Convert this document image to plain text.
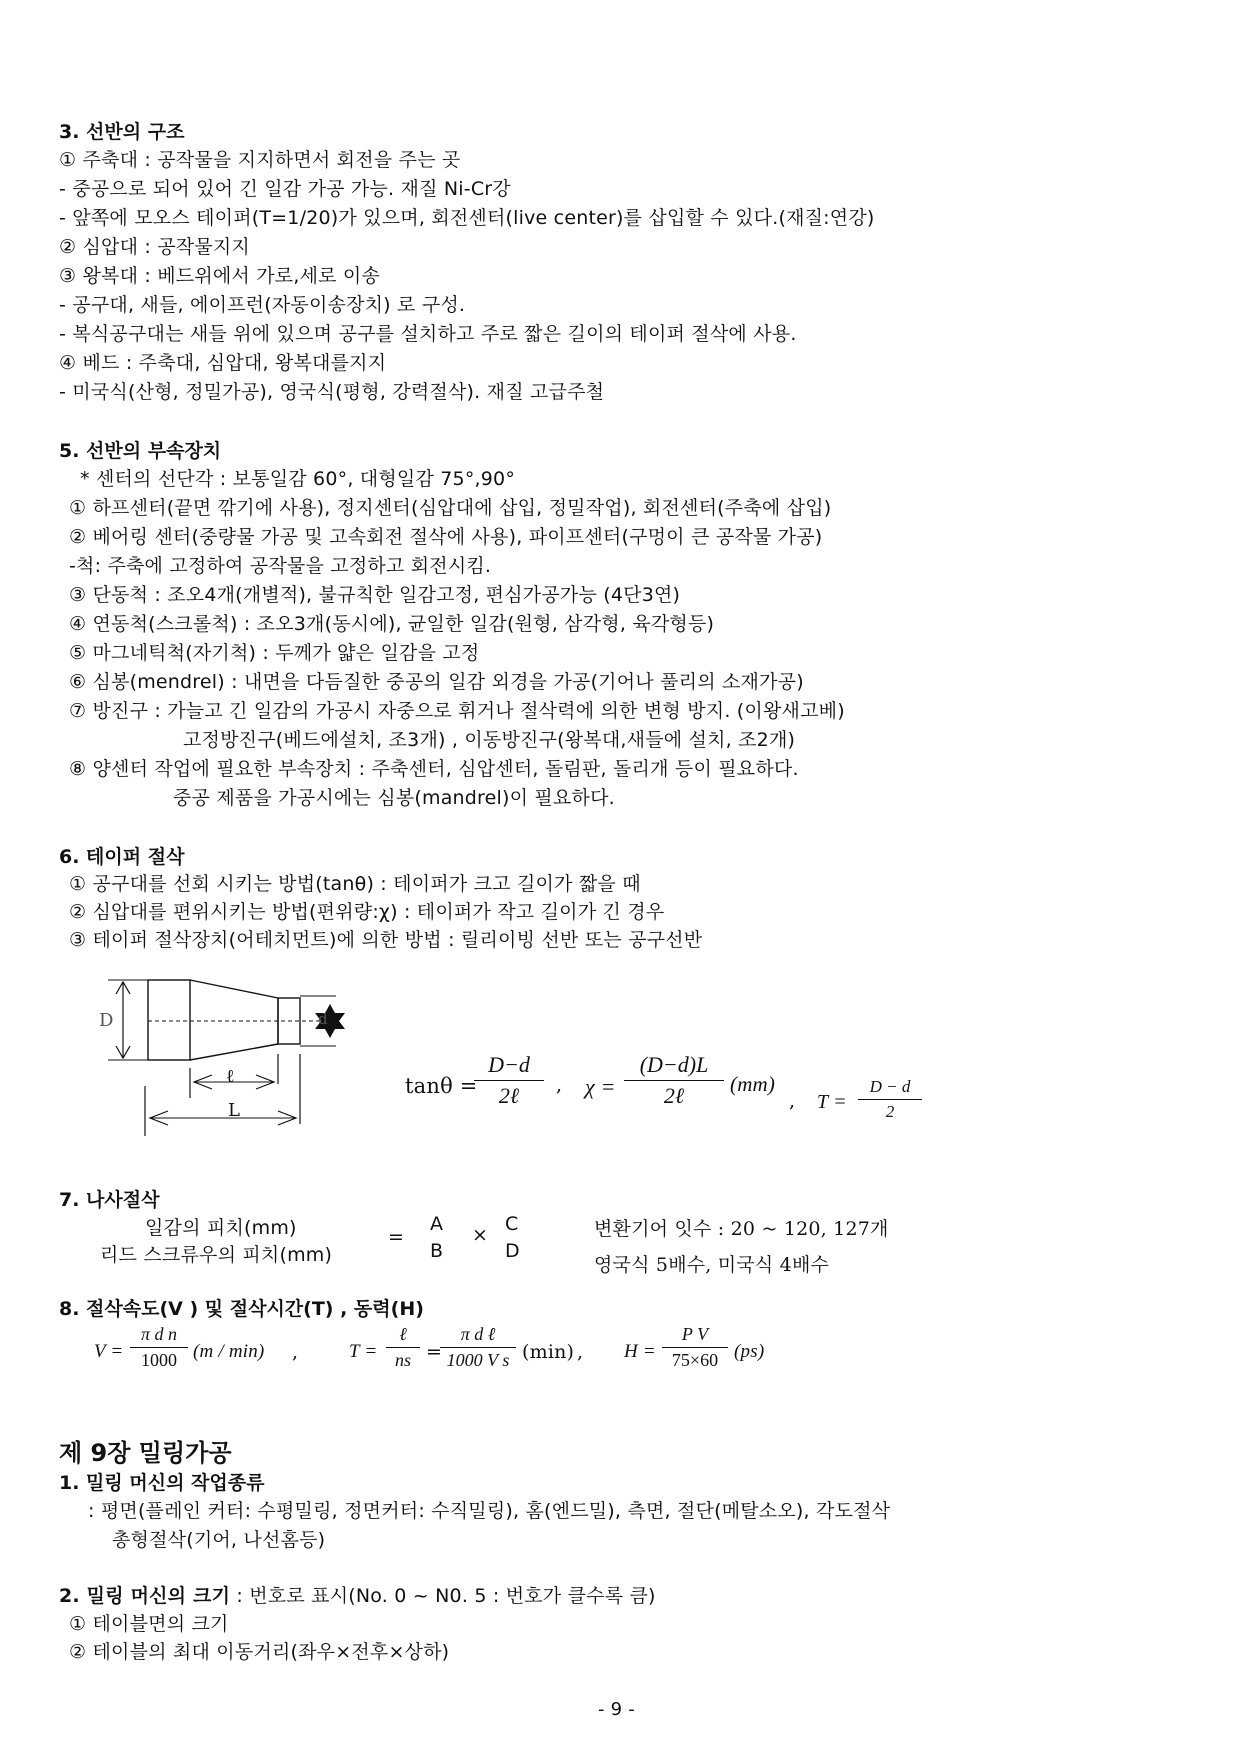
3. 선반의 구조
① 주축대 : 공작물을 지지하면서 회전을 주는 곳
- 중공으로 되어 있어 긴 일감 가공 가능. 재질 Ni-Cr강
- 앞쪽에 모오스 테이퍼(T=1/20)가 있으며, 회전센터(live center)를 삽입할 수 있다.(재질:연강)
② 심압대 : 공작물지지
③ 왕복대 : 베드위에서 가로,세로 이송
- 공구대, 새들, 에이프런(자동이송장치) 로 구성.
- 복식공구대는 새들 위에 있으며 공구를 설치하고 주로 짧은 길이의 테이퍼 절삭에 사용.
④ 베드 : 주축대, 심압대, 왕복대를지지
- 미국식(산형, 정밀가공), 영국식(평형, 강력절삭). 재질 고급주철
5. 선반의 부속장치
* 센터의 선단각 : 보통일감 60°, 대형일감 75°,90°
① 하프센터(끝면 깎기에 사용), 정지센터(심압대에 삽입, 정밀작업), 회전센터(주축에 삽입)
② 베어링 센터(중량물 가공 및 고속회전 절삭에 사용), 파이프센터(구멍이 큰 공작물 가공)
-척: 주축에 고정하여 공작물을 고정하고 회전시킴.
③ 단동척 : 조오4개(개별적), 불규칙한 일감고정, 편심가공가능 (4단3연)
④ 연동척(스크롤척) : 조오3개(동시에), 균일한 일감(원형, 삼각형, 육각형등)
⑤ 마그네틱척(자기척) : 두께가 얇은 일감을 고정
⑥ 심봉(mendrel) : 내면을 다듬질한 중공의 일감 외경을 가공(기어나 풀리의 소재가공)
⑦ 방진구 : 가늘고 긴 일감의 가공시 자중으로 휘거나 절삭력에 의한 변형 방지. (이왕새고베)
고정방진구(베드에설치, 조3개) , 이동방진구(왕복대,새들에 설치, 조2개)
⑧ 양센터 작업에 필요한 부속장치 : 주축센터, 심압센터, 돌림판, 돌리개 등이 필요하다.
중공 제품을 가공시에는 심봉(mandrel)이 필요하다.
6. 테이퍼 절삭
① 공구대를 선회 시키는 방법(tanθ) : 테이퍼가 크고 길이가 짧을 때
② 심압대를 편위시키는 방법(편위량:χ) : 테이퍼가 작고 길이가 긴 경우
③ 테이퍼 절삭장치(어테치먼트)에 의한 방법 : 릴리이빙 선반 또는 공구선반
D	d
ℓ
L
tanθ =
D−d
2ℓ	, χ =
(D−d)L
2ℓ	(mm)
, $T = \frac{D - d}{2}$
7. 나사절삭
일감의 피치(mm)
리드 스크류우의 피치(mm)
=
A
B
× C
D
변환기어 잇수 : 20 ~ 120, 127개
영국식 5배수, 미국식 4배수
8. 절삭속도(V ) 및 절삭시간(T) , 동력(H)
$V = \frac{\text{π d n}}{1000} (m / \min)$ ,	T =
ℓ
ns =
π d ℓ
1000 V s (min) , $H = \frac{\text{P V}}{75\times 60} (ps)$
제 9장 밀링가공
1. 밀링 머신의 작업종류
: 평면(플레인 커터: 수평밀링, 정면커터: 수직밀링), 홈(엔드밀), 측면, 절단(메탈소오), 각도절삭
총형절삭(기어, 나선홈등)
2. 밀링 머신의 크기 : 번호로 표시(No. 0 ~ N0. 5 : 번호가 클수록 큼)
① 테이블면의 크기
② 테이블의 최대 이동거리(좌우×전후×상하)
- 9 -
